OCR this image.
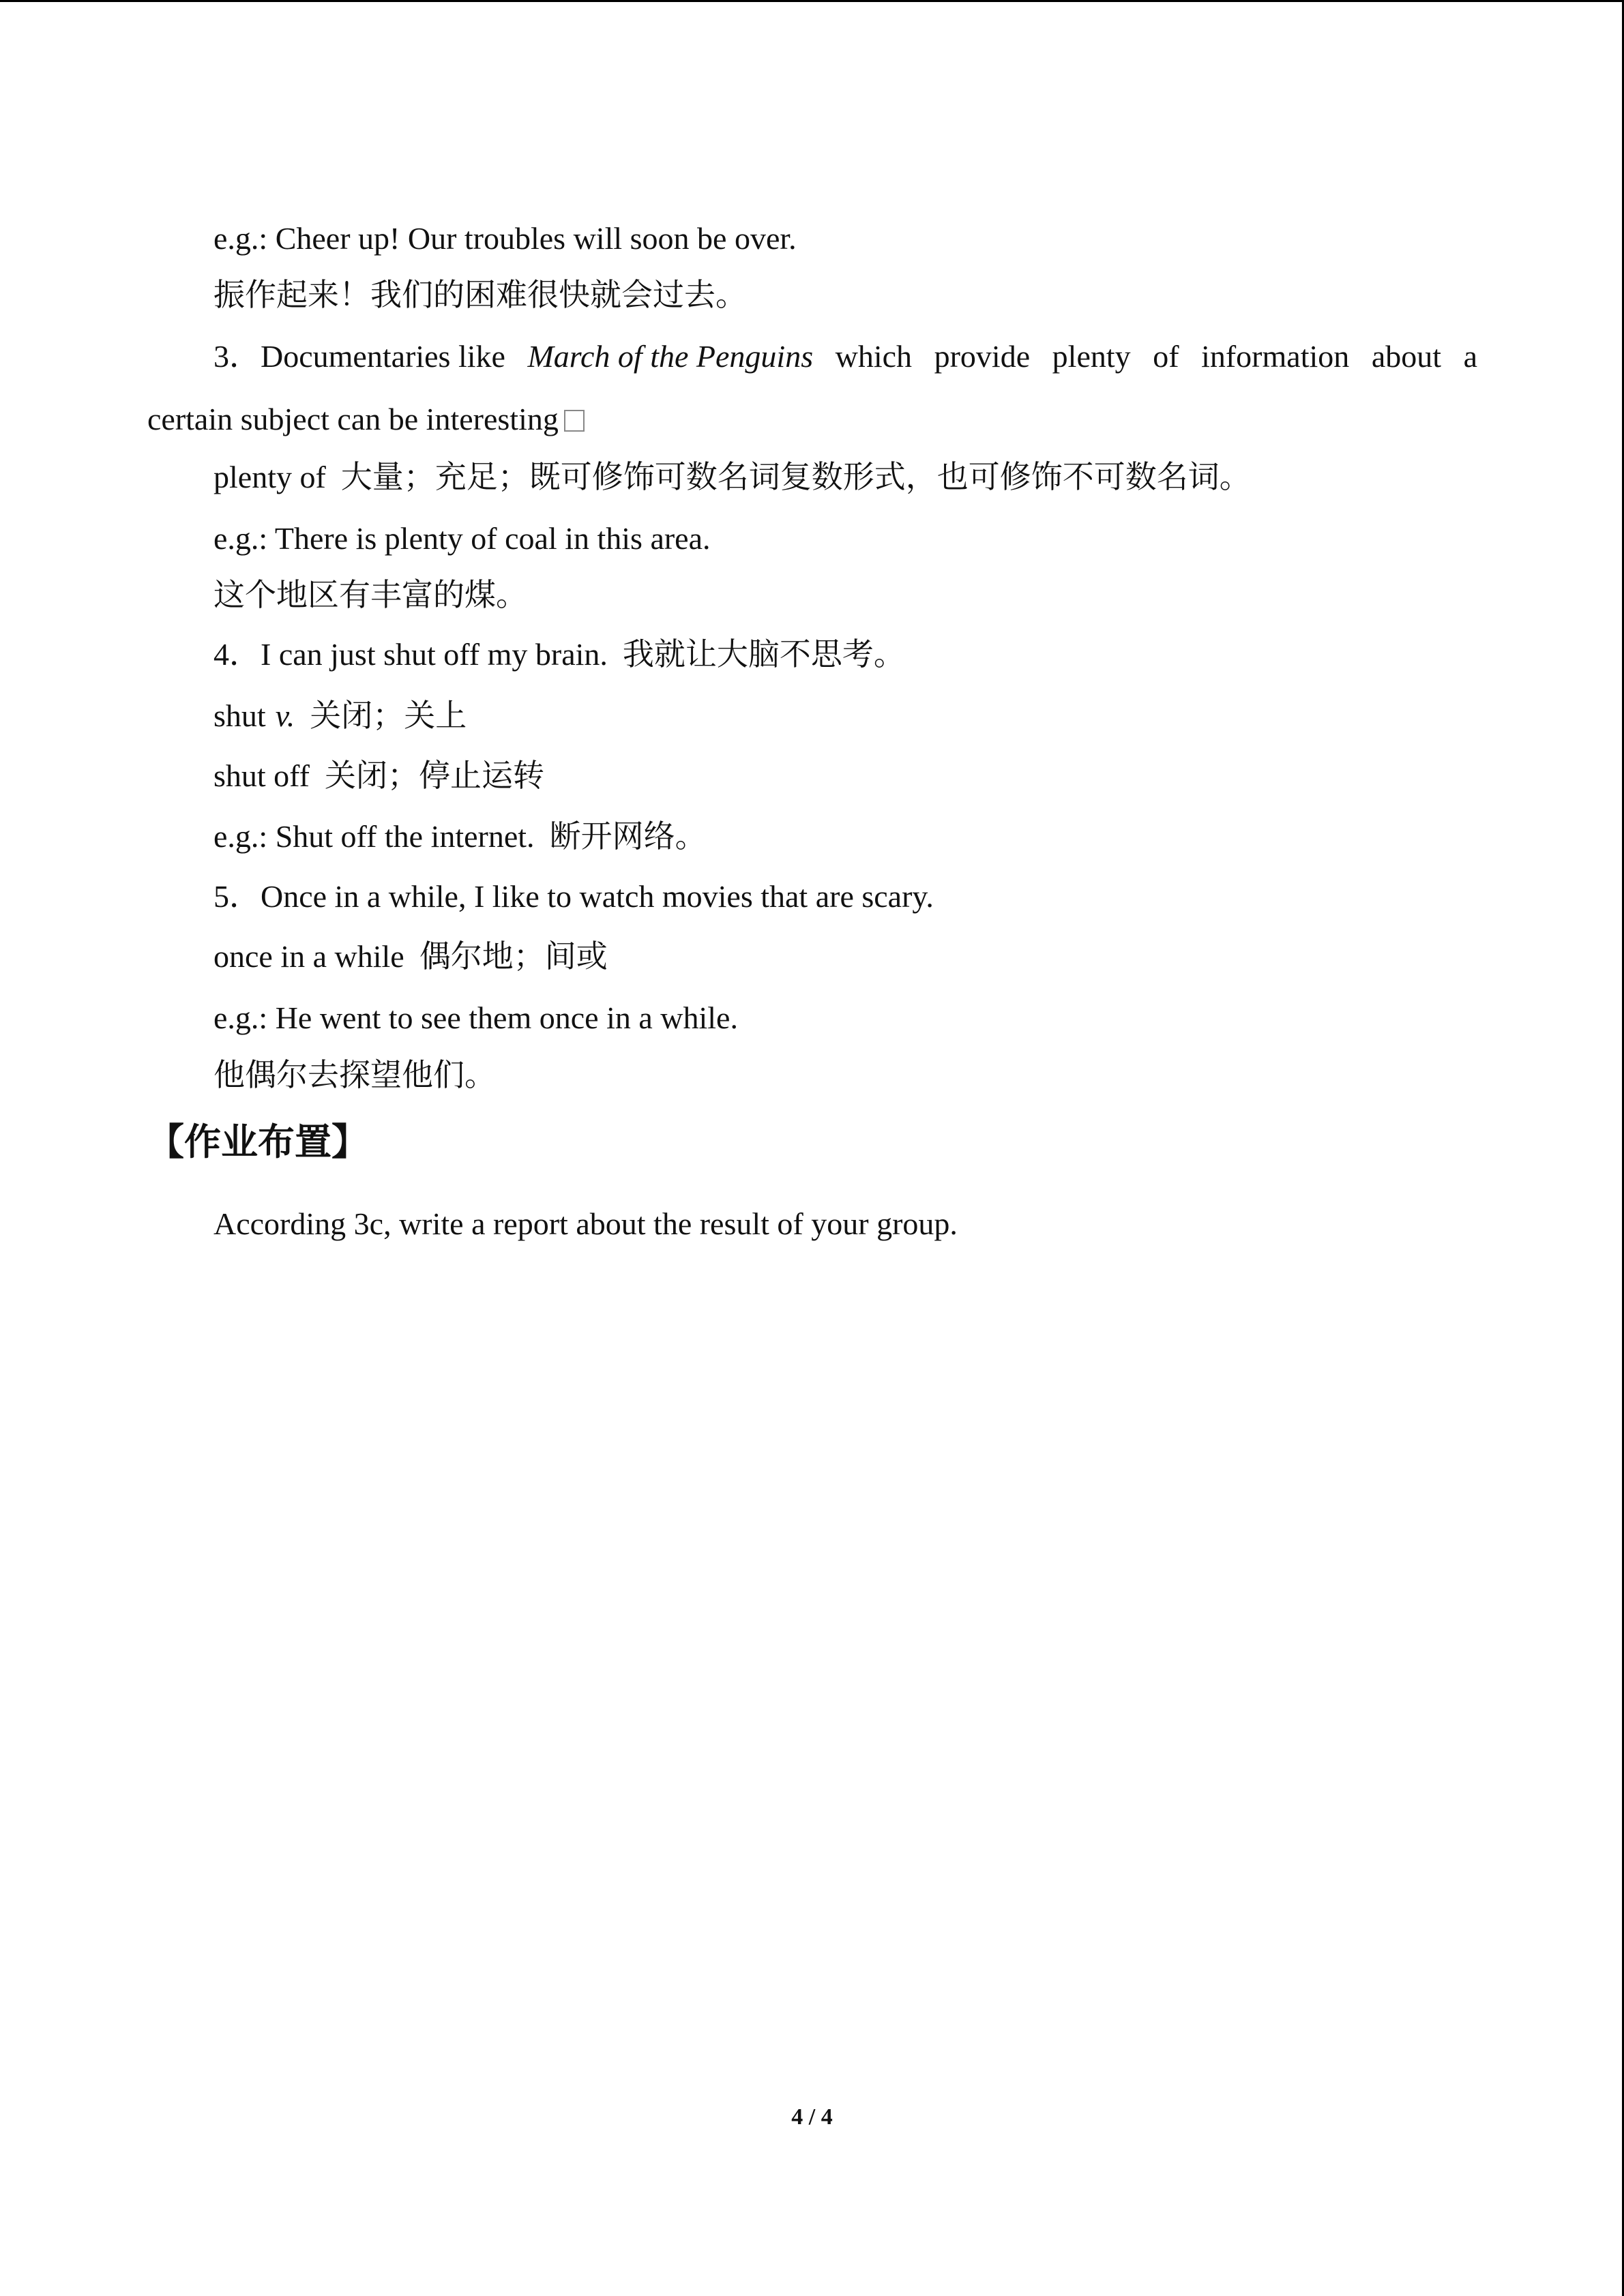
e.g.: Cheer up! Our troubles will soon be over.
振作起来！我们的困难很快就会过去。
3．Documentaries like March of the Penguins which provide plenty of information about a
certain subject can be interesting
plenty of 大量；充足；既可修饰可数名词复数形式，也可修饰不可数名词。
e.g.: There is plenty of coal in this area.
这个地区有丰富的煤。
4．I can just shut off my brain. 我就让大脑不思考。
shut v. 关闭；关上
shut off 关闭；停止运转
e.g.: Shut off the internet. 断开网络。
5．Once in a while, I like to watch movies that are scary.
once in a while 偶尔地；间或
e.g.: He went to see them once in a while.
他偶尔去探望他们。
【作业布置】
According 3c, write a report about the result of your group.
4 / 4
